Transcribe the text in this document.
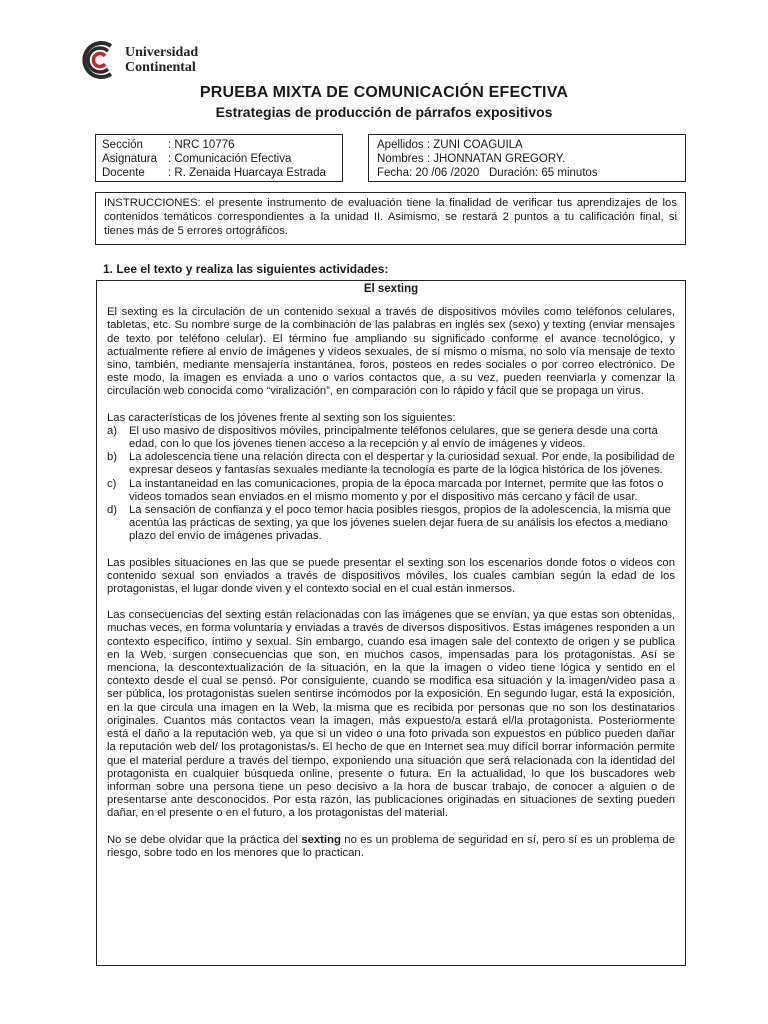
Universidad
Continental
PRUEBA MIXTA DE COMUNICACIÓN EFECTIVA
Estrategias de producción de párrafos expositivos
Sección : NRC 10776
Asignatura : Comunicación Efectiva
Docente : R. Zenaida Huarcaya Estrada
Apellidos : ZUNI COAGUILA
Nombres : JHONNATAN GREGORY.
Fecha: 20 /06 /2020 Duración: 65 minutos
INSTRUCCIONES: el presente instrumento de evaluación tiene la finalidad de verificar tus aprendizajes de los contenidos temáticos correspondientes a la unidad II. Asimismo, se restará 2 puntos a tu calificación final, si tienes más de 5 errores ortográficos.
1. Lee el texto y realiza las siguientes actividades:
El sexting

El sexting es la circulación de un contenido sexual a través de dispositivos móviles como teléfonos celulares, tabletas, etc. Su nombre surge de la combinación de las palabras en inglés sex (sexo) y texting (enviar mensajes de texto por teléfono celular). El término fue ampliando su significado conforme el avance tecnológico, y actualmente refiere al envío de imágenes y vídeos sexuales, de sí mismo o misma, no solo vía mensaje de texto sino, también, mediante mensajería instantánea, foros, posteos en redes sociales o por correo electrónico. De este modo, la imagen es enviada a uno o varios contactos que, a su vez, pueden reenviarla y comenzar la circulación web conocida como “viralización”, en comparación con lo rápido y fácil que se propaga un virus.

Las características de los jóvenes frente al sexting son los siguientes:
a)	El uso masivo de dispositivos móviles, principalmente teléfonos celulares, que se genera desde una corta edad, con lo que los jóvenes tienen acceso a la recepción y al envío de imágenes y videos.
b)	La adolescencia tiene una relación directa con el despertar y la curiosidad sexual. Por ende, la posibilidad de expresar deseos y fantasías sexuales mediante la tecnología es parte de la lógica histórica de los jóvenes.
c)	La instantaneidad en las comunicaciones, propia de la época marcada por Internet, permite que las fotos o videos tomados sean enviados en el mismo momento y por el dispositivo más cercano y fácil de usar.
d)	La sensación de confianza y el poco temor hacia posibles riesgos, propios de la adolescencia, la misma que acentúa las prácticas de sexting, ya que los jóvenes suelen dejar fuera de su análisis los efectos a mediano plazo del envío de imágenes privadas.

Las posibles situaciones en las que se puede presentar el sexting son los escenarios donde fotos o videos con contenido sexual son enviados a través de dispositivos móviles, los cuales cambian según la edad de los protagonistas, el lugar donde viven y el contexto social en el cual están inmersos.

Las consecuencias del sexting están relacionadas con las imágenes que se envían, ya que estas son obtenidas, muchas veces, en forma voluntaria y enviadas a través de diversos dispositivos. Estas imágenes responden a un contexto específico, íntimo y sexual. Sin embargo, cuando esa imagen sale del contexto de origen y se publica en la Web, surgen consecuencias que son, en muchos casos, impensadas para los protagonistas. Así se menciona, la descontextualización de la situación, en la que la imagen o video tiene lógica y sentido en el contexto desde el cual se pensó. Por consiguiente, cuando se modifica esa situación y la imagen/video pasa a ser pública, los protagonistas suelen sentirse incómodos por la exposición. En segundo lugar, está la exposición, en la que circula una imagen en la Web, la misma que es recibida por personas que no son los destinatarios originales. Cuantos más contactos vean la imagen, más expuesto/a estará el/la protagonista. Posteriormente está el daño a la reputación web, ya que si un video o una foto privada son expuestos en público pueden dañar la reputación web del/ los protagonistas/s. El hecho de que en Internet sea muy difícil borrar información permite que el material perdure a través del tiempo, exponiendo una situación que será relacionada con la identidad del protagonista en cualquier búsqueda online, presente o futura. En la actualidad, lo que los buscadores web informan sobre una persona tiene un peso decisivo a la hora de buscar trabajo, de conocer a alguien o de presentarse ante desconocidos. Por esta razón, las publicaciones originadas en situaciones de sexting pueden dañar, en el presente o en el futuro, a los protagonistas del material.

No se debe olvidar que la práctica del sexting no es un problema de seguridad en sí, pero sí es un problema de riesgo, sobre todo en los menores que lo practican.
